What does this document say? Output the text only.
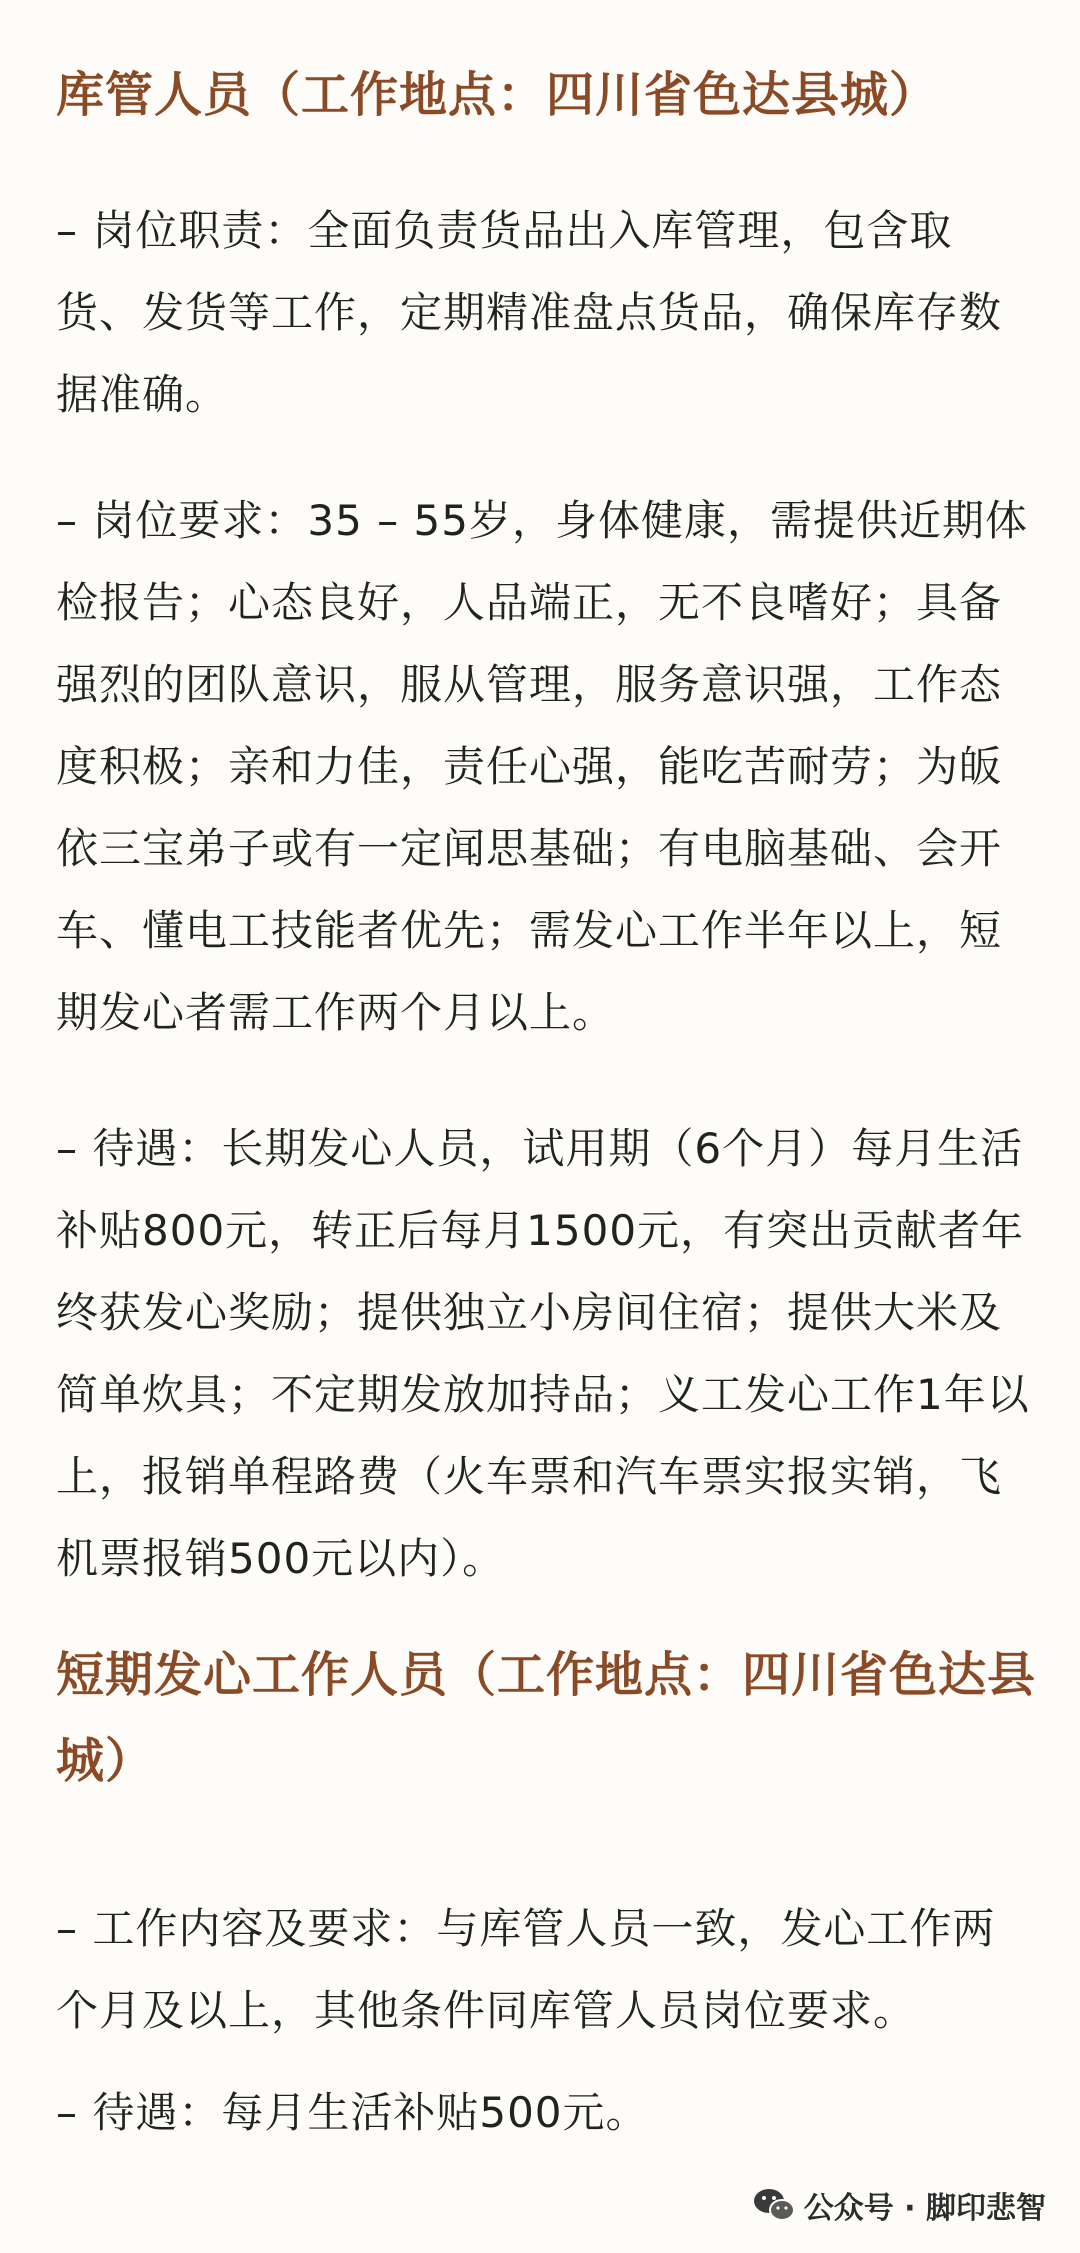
库管人员（工作地点：四川省色达县城）

– 岗位职责：全面负责货品出入库管理，包含取货、发货等工作，定期精准盘点货品，确保库存数据准确。

– 岗位要求：35 – 55岁，身体健康，需提供近期体检报告；心态良好，人品端正，无不良嗜好；具备强烈的团队意识，服从管理，服务意识强，工作态度积极；亲和力佳，责任心强，能吃苦耐劳；为皈依三宝弟子或有一定闻思基础；有电脑基础、会开车、懂电工技能者优先；需发心工作半年以上，短期发心者需工作两个月以上。

– 待遇：长期发心人员，试用期（6个月）每月生活补贴800元，转正后每月1500元，有突出贡献者年终获发心奖励；提供独立小房间住宿；提供大米及简单炊具；不定期发放加持品；义工发心工作1年以上，报销单程路费（火车票和汽车票实报实销，飞机票报销500元以内）。

短期发心工作人员（工作地点：四川省色达县城）

– 工作内容及要求：与库管人员一致，发心工作两个月及以上，其他条件同库管人员岗位要求。

– 待遇：每月生活补贴500元。

公众号 · 脚印悲智
